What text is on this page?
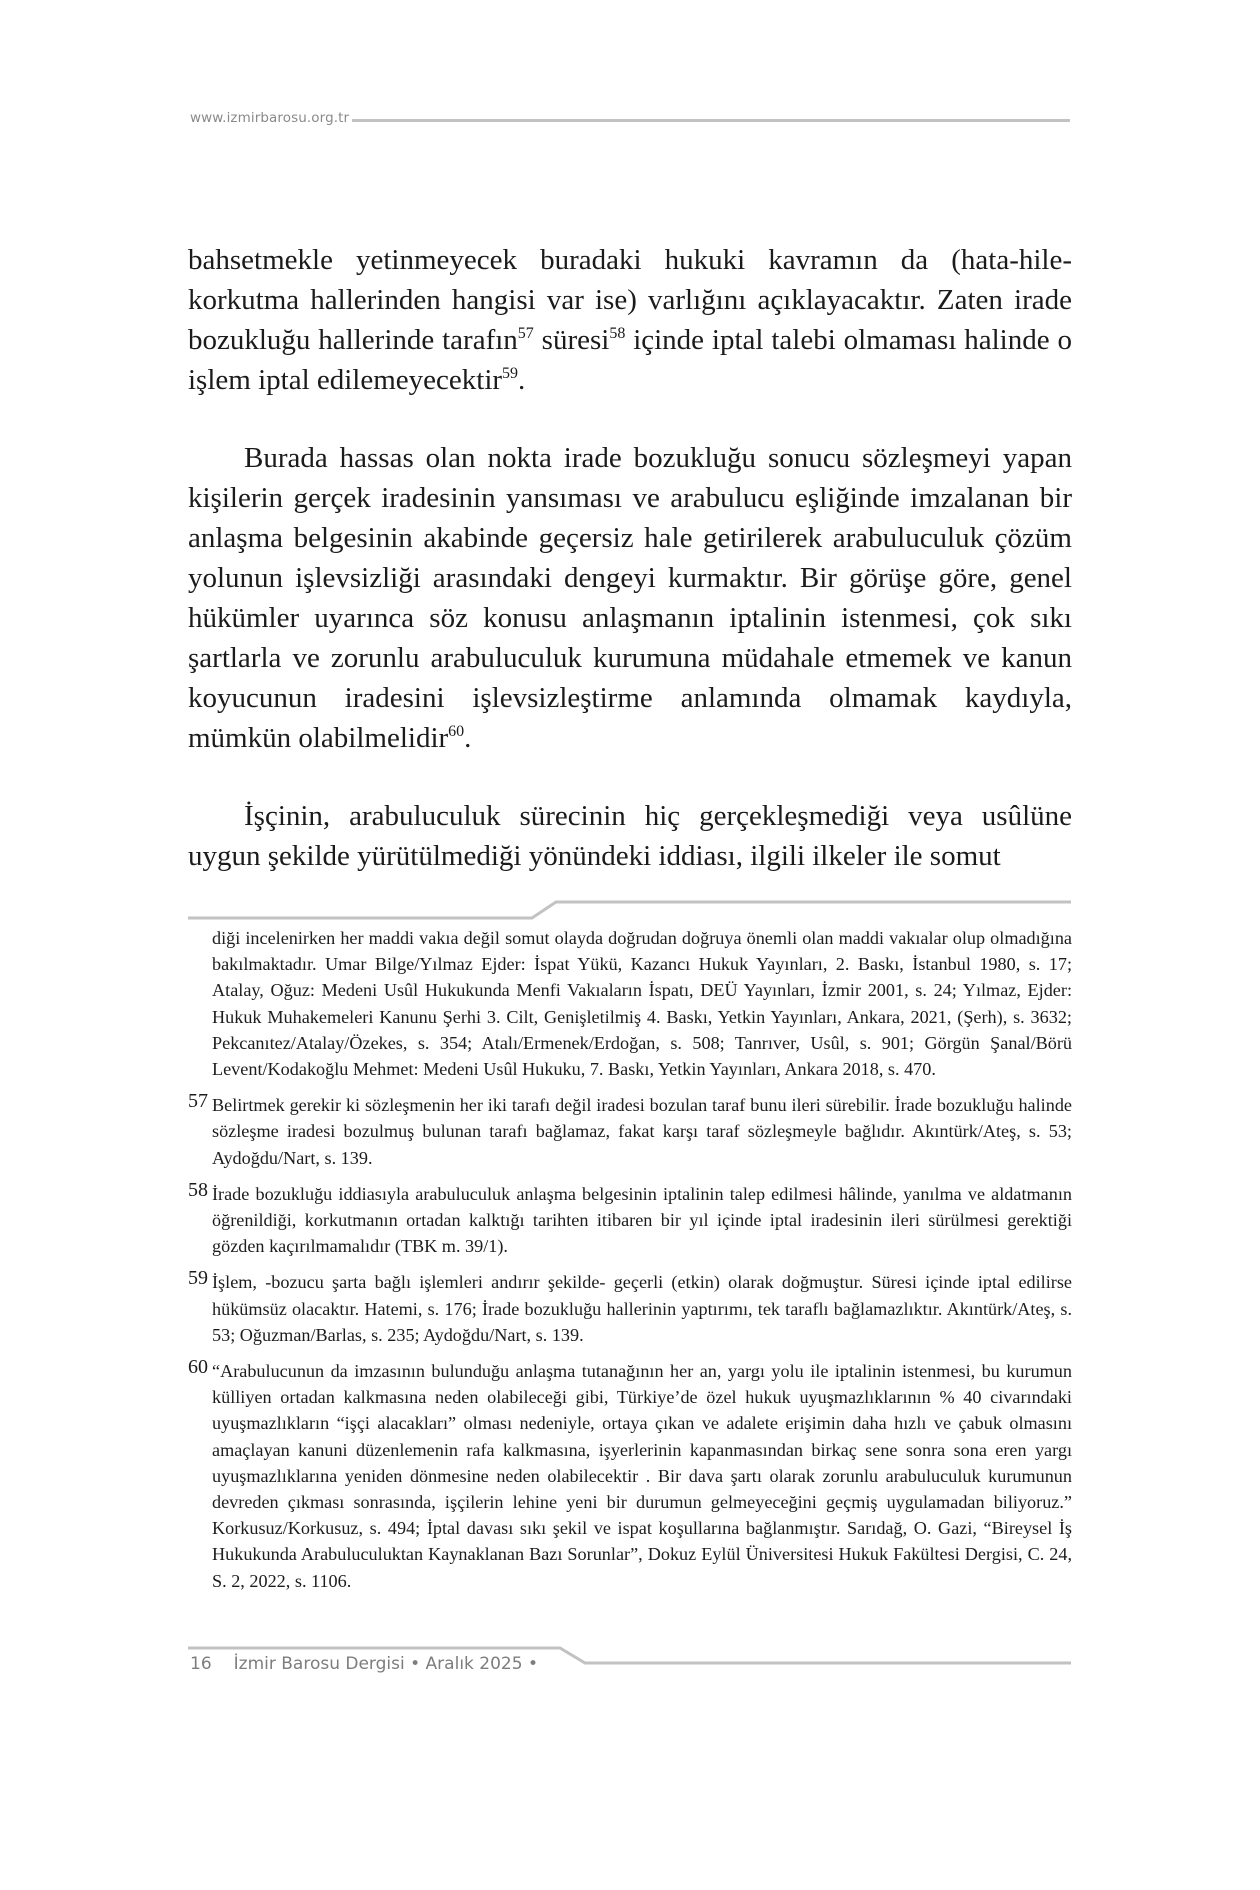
www.izmirbarosu.org.tr

bahsetmekle yetinmeyecek buradaki hukuki kavramın da (hata-hile-korkutma hallerinden hangisi var ise) varlığını açıklayacaktır. Zaten irade bozukluğu hallerinde tarafın$^{57}$ süresi$^{58}$ içinde iptal talebi olmaması halinde o işlem iptal edilemeyecektir$^{59}$.

Burada hassas olan nokta irade bozukluğu sonucu sözleşmeyi yapan kişilerin gerçek iradesinin yansıması ve arabulucu eşliğinde imzalanan bir anlaşma belgesinin akabinde geçersiz hale getirilerek arabuluculuk çözüm yolunun işlevsizliği arasındaki dengeyi kurmaktır. Bir görüşe göre, genel hükümler uyarınca söz konusu anlaşmanın iptalinin istenmesi, çok sıkı şartlarla ve zorunlu arabuluculuk kurumuna müdahale etmemek ve kanun koyucunun iradesini işlevsizleştirme anlamında olmamak kaydıyla, mümkün olabilmelidir$^{60}$.

İşçinin, arabuluculuk sürecinin hiç gerçekleşmediği veya usûlüne uygun şekilde yürütülmediği yönündeki iddiası, ilgili ilkeler ile somut

diği incelenirken her maddi vakıa değil somut olayda doğrudan doğruya önemli olan maddi vakıalar olup olmadığına bakılmaktadır. Umar Bilge/Yılmaz Ejder: İspat Yükü, Kazancı Hukuk Yayınları, 2. Baskı, İstanbul 1980, s. 17; Atalay, Oğuz: Medeni Usûl Hukukunda Menfi Vakıaların İspatı, DEÜ Yayınları, İzmir 2001, s. 24; Yılmaz, Ejder: Hukuk Muhakemeleri Kanunu Şerhi 3. Cilt, Genişletilmiş 4. Baskı, Yetkin Yayınları, Ankara, 2021, (Şerh), s. 3632; Pekcanıtez/Atalay/Özekes, s. 354; Atalı/Ermenek/Erdoğan, s. 508; Tanrıver, Usûl, s. 901; Görgün Şanal/Börü Levent/Kodakoğlu Mehmet: Medeni Usûl Hukuku, 7. Baskı, Yetkin Yayınları, Ankara 2018, s. 470.
57 Belirtmek gerekir ki sözleşmenin her iki tarafı değil iradesi bozulan taraf bunu ileri sürebilir. İrade bozukluğu halinde sözleşme iradesi bozulmuş bulunan tarafı bağlamaz, fakat karşı taraf sözleşmeyle bağlıdır. Akıntürk/Ateş, s. 53; Aydoğdu/Nart, s. 139.
58 İrade bozukluğu iddiasıyla arabuluculuk anlaşma belgesinin iptalinin talep edilmesi hâlinde, yanılma ve aldatmanın öğrenildiği, korkutmanın ortadan kalktığı tarihten itibaren bir yıl içinde iptal iradesinin ileri sürülmesi gerektiği gözden kaçırılmamalıdır (TBK m. 39/1).
59 İşlem, -bozucu şarta bağlı işlemleri andırır şekilde- geçerli (etkin) olarak doğmuştur. Süresi içinde iptal edilirse hükümsüz olacaktır. Hatemi, s. 176; İrade bozukluğu hallerinin yaptırımı, tek taraflı bağlamazlıktır. Akıntürk/Ateş, s. 53; Oğuzman/Barlas, s. 235; Aydoğdu/Nart, s. 139.
60 “Arabulucunun da imzasının bulunduğu anlaşma tutanağının her an, yargı yolu ile iptalinin istenmesi, bu kurumun külliyen ortadan kalkmasına neden olabileceği gibi, Türkiye’de özel hukuk uyuşmazlıklarının % 40 civarındaki uyuşmazlıkların “işçi alacakları” olması nedeniyle, ortaya çıkan ve adalete erişimin daha hızlı ve çabuk olmasını amaçlayan kanuni düzenlemenin rafa kalkmasına, işyerlerinin kapanmasından birkaç sene sonra sona eren yargı uyuşmazlıklarına yeniden dönmesine neden olabilecektir . Bir dava şartı olarak zorunlu arabuluculuk kurumunun devreden çıkması sonrasında, işçilerin lehine yeni bir durumun gelmeyeceğini geçmiş uygulamadan biliyoruz.” Korkusuz/Korkusuz, s. 494; İptal davası sıkı şekil ve ispat koşullarına bağlanmıştır. Sarıdağ, O. Gazi, “Bireysel İş Hukukunda Arabuluculuktan Kaynaklanan Bazı Sorunlar”, Dokuz Eylül Üniversitesi Hukuk Fakültesi Dergisi, C. 24, S. 2, 2022, s. 1106.
16 İzmir Barosu Dergisi • Aralık 2025 •
